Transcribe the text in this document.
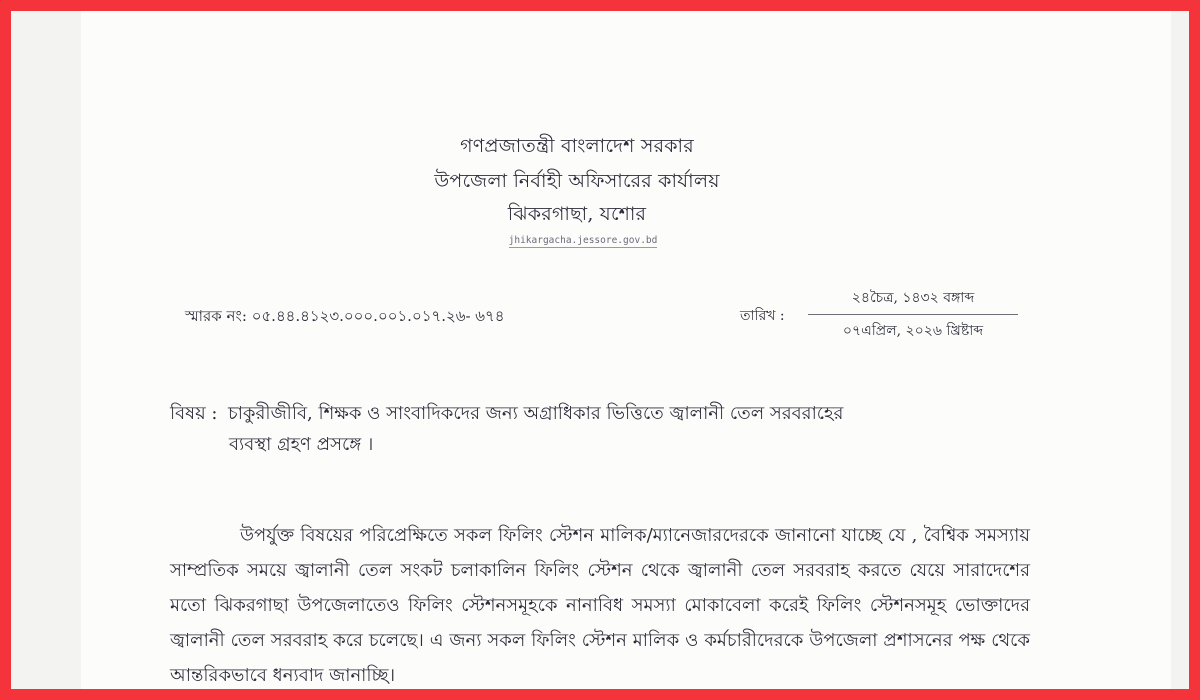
গণপ্রজাতন্ত্রী বাংলাদেশ সরকার
উপজেলা নির্বাহী অফিসারের কার্যালয়
ঝিকরগাছা, যশোর
jhikargacha.jessore.gov.bd
স্মারক নং: ০৫.৪৪.৪১২৩.০০০.০০১.০১৭.২৬- ৬৭৪	তারিখ :
২৪চৈত্র, ১৪৩২ বঙ্গাব্দ
০৭এপ্রিল, ২০২৬ খ্রিষ্টাব্দ
বিষয় : চাকুরীজীবি, শিক্ষক ও সাংবাদিকদের জন্য অগ্রাধিকার ভিত্তিতে জ্বালানী তেল সরবরাহের
ব্যবস্থা গ্রহণ প্রসঙ্গে ।
উপর্যুক্ত বিষয়ের পরিপ্রেক্ষিতে সকল ফিলিং স্টেশন মালিক/ম্যানেজারদেরকে জানানো যাচ্ছে যে , বৈশ্বিক সমস্যায় সাম্প্রতিক সময়ে জ্বালানী তেল সংকট চলাকালিন ফিলিং স্টেশন থেকে জ্বালানী তেল সরবরাহ করতে যেয়ে সারাদেশের মতো ঝিকরগাছা উপজেলাতেও ফিলিং স্টেশনসমূহকে নানাবিধ সমস্যা মোকাবেলা করেই ফিলিং স্টেশনসমূহ ভোক্তাদের জ্বালানী তেল সরবরাহ করে চলেছে। এ জন্য সকল ফিলিং স্টেশন মালিক ও কর্মচারীদেরকে উপজেলা প্রশাসনের পক্ষ থেকে আন্তরিকভাবে ধন্যবাদ জানাচ্ছি।
